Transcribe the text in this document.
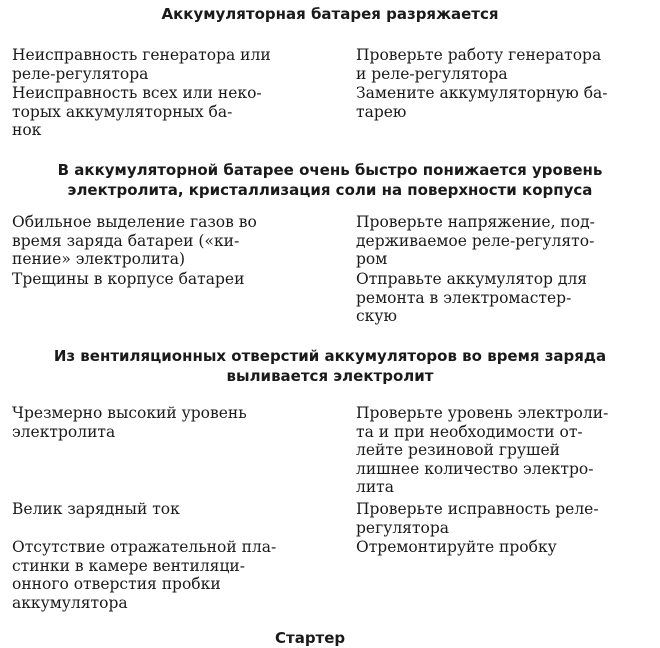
Аккумуляторная батарея разряжается
Неисправность генератора или
реле-регулятора
Проверьте работу генератора
и реле-регулятора
Неисправность всех или неко-
торых аккумуляторных ба-
нок
Замените аккумуляторную ба-
тарею
В аккумуляторной батарее очень быстро понижается уровень
электролита, кристаллизация соли на поверхности корпуса
Обильное выделение газов во
время заряда батареи («ки-
пение» электролита)
Проверьте напряжение, под-
держиваемое реле-регулято-
ром
Трещины в корпусе батареи	Отправьте аккумулятор для
ремонта в электромастер-
скую
Из вентиляционных отверстий аккумуляторов во время заряда
выливается электролит
Чрезмерно высокий уровень
электролита
Проверьте уровень электроли-
та и при необходимости от-
лейте резиновой грушей
лишнее количество электро-
лита
Велик зарядный ток	Проверьте исправность реле-
регулятора
Отсутствие отражательной пла-
стинки в камере вентиляци-
онного отверстия пробки
аккумулятора
Отремонтируйте пробку
Стартер
